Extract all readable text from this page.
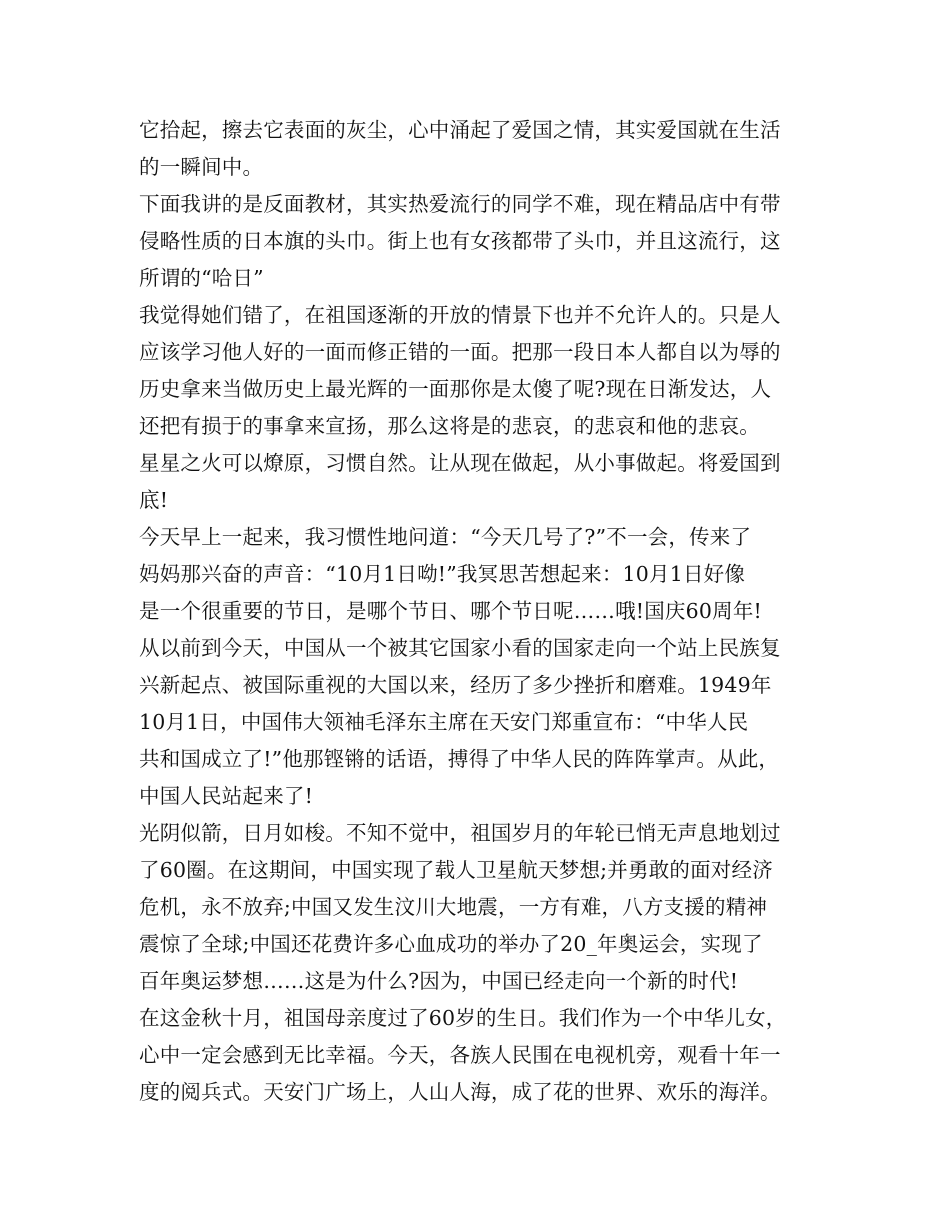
它拾起，擦去它表面的灰尘，心中涌起了爱国之情，其实爱国就在生活
的一瞬间中。
下面我讲的是反面教材，其实热爱流行的同学不难，现在精品店中有带
侵略性质的日本旗的头巾。街上也有女孩都带了头巾，并且这流行，这
所谓的“哈日”
我觉得她们错了，在祖国逐渐的开放的情景下也并不允许人的。只是人
应该学习他人好的一面而修正错的一面。把那一段日本人都自以为辱的
历史拿来当做历史上最光辉的一面那你是太傻了呢?现在日渐发达，人
还把有损于的事拿来宣扬，那么这将是的悲哀，的悲哀和他的悲哀。
星星之火可以燎原，习惯自然。让从现在做起，从小事做起。将爱国到
底!
今天早上一起来，我习惯性地问道：“今天几号了?”不一会，传来了
妈妈那兴奋的声音：“10月1日呦!”我冥思苦想起来：10月1日好像
是一个很重要的节日，是哪个节日、哪个节日呢……哦!国庆60周年!
从以前到今天，中国从一个被其它国家小看的国家走向一个站上民族复
兴新起点、被国际重视的大国以来，经历了多少挫折和磨难。1949年
10月1日，中国伟大领袖毛泽东主席在天安门郑重宣布：“中华人民
共和国成立了!”他那铿锵的话语，搏得了中华人民的阵阵掌声。从此，
中国人民站起来了!
光阴似箭，日月如梭。不知不觉中，祖国岁月的年轮已悄无声息地划过
了60圈。在这期间，中国实现了载人卫星航天梦想;并勇敢的面对经济
危机，永不放弃;中国又发生汶川大地震，一方有难，八方支援的精神
震惊了全球;中国还花费许多心血成功的举办了20_年奥运会，实现了
百年奥运梦想……这是为什么?因为，中国已经走向一个新的时代!
在这金秋十月，祖国母亲度过了60岁的生日。我们作为一个中华儿女，
心中一定会感到无比幸福。今天，各族人民围在电视机旁，观看十年一
度的阅兵式。天安门广场上，人山人海，成了花的世界、欢乐的海洋。
